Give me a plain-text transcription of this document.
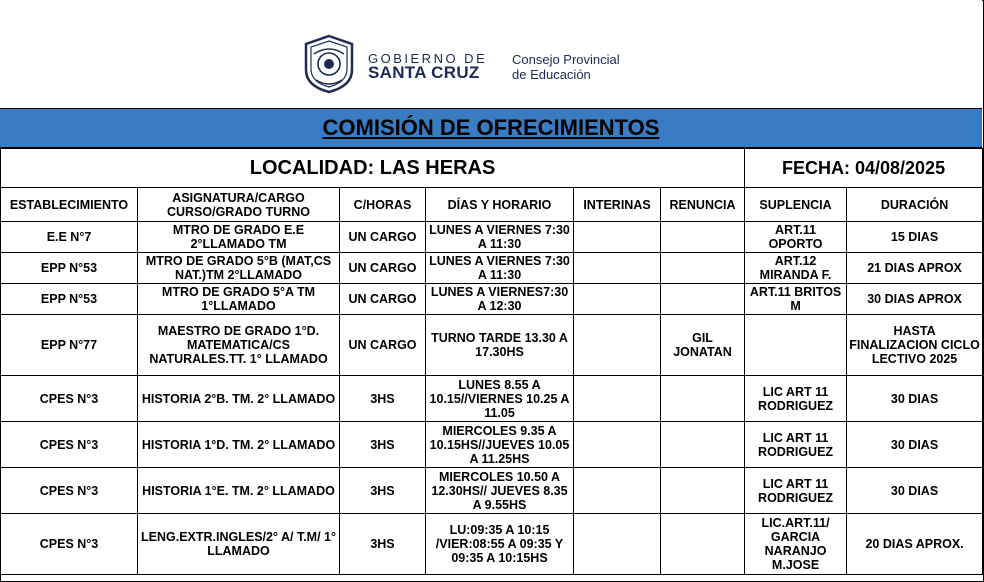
GOBIERNO DE
SANTA CRUZ
Consejo Provincial
de Educación
COMISIÓN DE OFRECIMIENTOS
LOCALIDAD: LAS HERAS						FECHA: 04/08/2025	
ESTABLECIMIENTO	ASIGNATURA/CARGO CURSO/GRADO TURNO	C/HORAS	DÍAS Y HORARIO	INTERINAS	RENUNCIA	SUPLENCIA	DURACIÓN
E.E N°7	MTRO DE GRADO E.E 2°LLAMADO TM	UN CARGO	LUNES A VIERNES 7:30 A 11:30			ART.11 OPORTO	15 DIAS
EPP N°53	MTRO DE GRADO 5°B (MAT,CS NAT.)TM 2°LLAMADO	UN CARGO	LUNES A VIERNES 7:30 A 11:30			ART.12 MIRANDA F.	21 DIAS APROX
EPP N°53	MTRO DE GRADO 5°A TM 1°LLAMADO	UN CARGO	LUNES A VIERNES7:30 A 12:30			ART.11 BRITOS M	30 DIAS APROX
EPP N°77	MAESTRO DE GRADO 1°D. MATEMATICA/CS NATURALES.TT. 1° LLAMADO	UN CARGO	TURNO TARDE 13.30 A 17.30HS		GIL JONATAN		HASTA FINALIZACION CICLO LECTIVO 2025
CPES N°3	HISTORIA 2°B. TM. 2° LLAMADO	3HS	LUNES 8.55 A 10.15//VIERNES 10.25 A 11.05			LIC ART 11 RODRIGUEZ	30 DIAS
CPES N°3	HISTORIA 1°D. TM. 2° LLAMADO	3HS	MIERCOLES 9.35 A 10.15HS//JUEVES 10.05 A 11.25HS			LIC ART 11 RODRIGUEZ	30 DIAS
CPES N°3	HISTORIA 1°E. TM. 2° LLAMADO	3HS	MIERCOLES 10.50 A 12.30HS// JUEVES 8.35 A 9.55HS			LIC ART 11 RODRIGUEZ	30 DIAS
CPES N°3	LENG.EXTR.INGLES/2° A/ T.M/ 1° LLAMADO	3HS	LU:09:35 A 10:15 /VIER:08:55 A 09:35 Y 09:35 A 10:15HS			LIC.ART.11/ GARCIA NARANJO M.JOSE	20 DIAS APROX.
